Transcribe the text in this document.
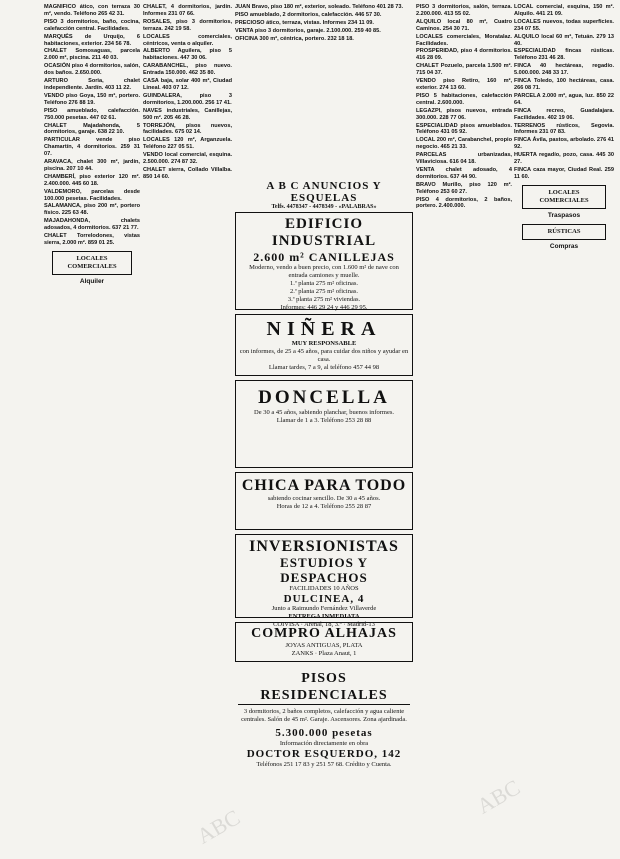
MAGNIFICO ático, con terraza 30 m², vendo. Teléfono 265 42 31.

PISO 3 dormitorios, baño, cocina, calefacción central. Facilidades.

MARQUÉS de Urquijo, 6 habitaciones, exterior. 234 56 78.

CHALET Somosaguas, parcela 2.000 m², piscina. 211 40 03.

OCASIÓN piso 4 dormitorios, salón, dos baños. 2.650.000.

ARTURO Soria, chalet independiente. Jardín. 403 11 22.

VENDO piso Goya, 150 m², portero. Teléfono 276 88 19.

PISO amueblado, calefacción. 750.000 pesetas. 447 02 61.

CHALET Majadahonda, 5 dormitorios, garaje. 638 22 10.

PARTICULAR vende piso Chamartín, 4 dormitorios. 259 31 07.

ARAVACA, chalet 300 m², jardín, piscina. 207 10 44.

CHAMBERÍ, piso exterior 120 m². 2.400.000. 445 60 18.

VALDEMORO, parcelas desde 100.000 pesetas. Facilidades.

SALAMANCA, piso 200 m², portero físico. 225 63 48.

MAJADAHONDA, chalets adosados, 4 dormitorios. 637 21 77.

CHALET Torrelodones, vistas sierra, 2.000 m². 859 01 25.

LOCALES COMERCIALES
Alquiler

CHALET, 4 dormitorios, jardín. Informes 231 07 66.

ROSALES, piso 3 dormitorios, terraza. 242 19 58.

LOCALES comerciales, céntricos, venta o alquiler.

ALBERTO Aguilera, piso 5 habitaciones. 447 30 06.

CARABANCHEL, piso nuevo. Entrada 150.000. 462 35 80.

CASA baja, solar 400 m², Ciudad Lineal. 403 07 12.

GUINDALERA, piso 3 dormitorios, 1.200.000. 256 17 41.

NAVES industriales, Canillejas, 500 m². 205 46 28.

TORREJÓN, pisos nuevos, facilidades. 675 02 14.

LOCALES 120 m², Arganzuela. Teléfono 227 05 51.

VENDO local comercial, esquina. 2.500.000. 274 87 32.

CHALET sierra, Collado Villalba. 850 14 60.

JUAN Bravo, piso 180 m², exterior, soleado. Teléfono 401 28 73.

PISO amueblado, 2 dormitorios, calefacción. 446 57 30.

PRECIOSO ático, terraza, vistas. Informes 234 11 09.

VENTA piso 3 dormitorios, garaje. 2.100.000. 259 40 85.

OFICINA 300 m², céntrica, portero. 232 18 18.

A B C ANUNCIOS Y ESQUELAS
Telfs. 4478347 - 4478349 - «PALABRAS»
EDIFICIO INDUSTRIAL
2.600 m² CANILLEJAS
Moderno, vendo a buen precio, con 1.600 m² de nave con entrada camiones y muelle.
1.ª planta 275 m² oficinas.
2.ª planta 275 m² oficinas.
3.ª planta 275 m² viviendas.
Informes: 446 29 24 y 446 29 95.
NIÑERA
MUY RESPONSABLE
con informes, de 25 a 45 años, para cuidar dos niños y ayudar en casa.
Llamar tardes, 7 a 9, al teléfono 457 44 98
DONCELLA
De 30 a 45 años, sabiendo planchar, buenos informes.
Llamar de 1 a 3. Teléfono 253 28 88
CHICA PARA TODO
sabiendo cocinar sencillo. De 30 a 45 años.
Horas de 12 a 4. Teléfono 255 28 87
INVERSIONISTAS
ESTUDIOS Y DESPACHOS
FACILIDADES 10 AÑOS
DULCINEA, 4
Junto a Raimundo Fernández Villaverde
ENTREGA INMEDIATA
COIVISA · Arenal, 18, 3.º · Madrid-13
COMPRO ALHAJAS
JOYAS ANTIGUAS, PLATA
ZANKS · Plaza Anaut, 1
PISOS RESIDENCIALES
3 dormitorios, 2 baños completos, calefacción y agua caliente centrales. Salón de 45 m². Garaje. Ascensores. Zona ajardinada.
5.300.000 pesetas
Información directamente en obra
DOCTOR ESQUERDO, 142
Teléfonos 251 17 83 y 251 57 68. Crédito y Cuenta.

PISO 3 dormitorios, salón, terraza. 2.200.000. 413 55 02.

ALQUILO local 80 m², Cuatro Caminos. 254 30 71.

LOCALES comerciales, Moratalaz. Facilidades.

PROSPERIDAD, piso 4 dormitorios. 416 28 09.

CHALET Pozuelo, parcela 1.500 m². 715 04 37.

VENDO piso Retiro, 160 m², exterior. 274 13 60.

PISO 5 habitaciones, calefacción central. 2.600.000.

LEGAZPI, pisos nuevos, entrada 300.000. 228 77 06.

ESPECIALIDAD pisos amueblados. Teléfono 431 05 92.

LOCAL 200 m², Carabanchel, propio negocio. 465 21 33.

PARCELAS urbanizadas, Villaviciosa. 616 04 18.

VENTA chalet adosado, 4 dormitorios. 637 44 90.

BRAVO Murillo, piso 120 m². Teléfono 253 60 27.

PISO 4 dormitorios, 2 baños, portero. 2.400.000.

LOCAL comercial, esquina, 150 m². Alquilo. 441 21 09.

LOCALES nuevos, todas superficies. 234 07 55.

ALQUILO local 60 m², Tetuán. 279 13 40.

ESPECIALIDAD fincas rústicas. Teléfono 231 46 28.

FINCA 40 hectáreas, regadío. 5.000.000. 248 33 17.

FINCA Toledo, 100 hectáreas, casa. 266 08 71.

PARCELA 2.000 m², agua, luz. 850 22 64.

FINCA recreo, Guadalajara. Facilidades. 402 19 06.

TERRENOS rústicos, Segovia. Informes 231 07 83.

FINCA Ávila, pastos, arbolado. 276 41 92.

HUERTA regadío, pozo, casa. 445 30 27.

FINCA caza mayor, Ciudad Real. 259 11 60.

LOCALES COMERCIALES
Traspasos
RÚSTICAS
Compras
ABC
ABC
